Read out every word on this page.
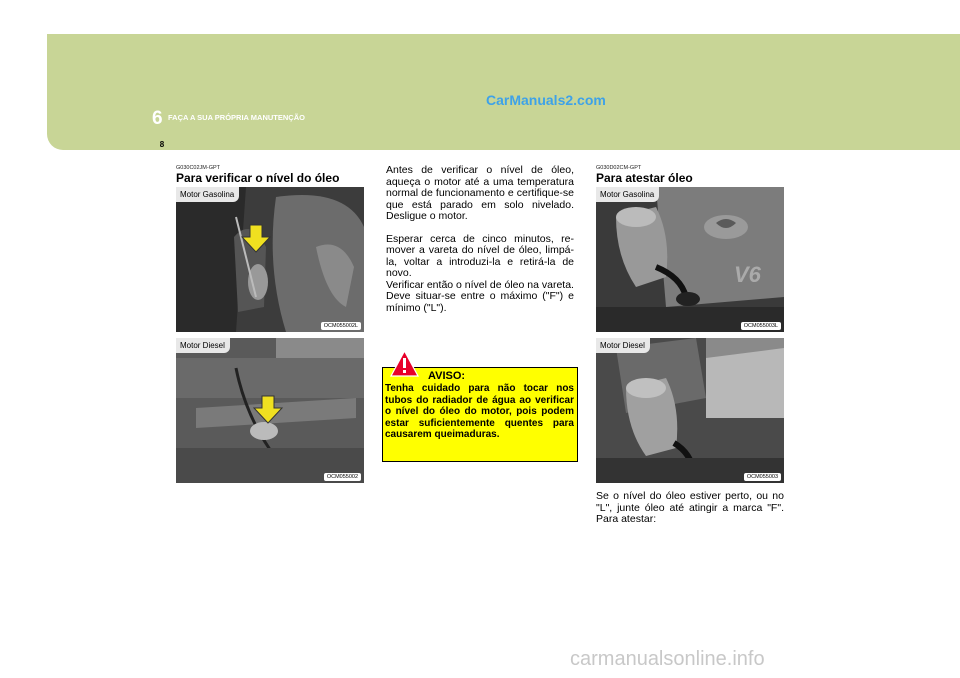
6 FAÇA A SUA PRÓPRIA MANUTENÇÃO
8
CarManuals2.com
G030C02JM-GPT
Para verificar o nível do óleo
Motor Gasolina
OCM055002L
Motor Diesel
OCM055002

Antes de verificar o nível de óleo, aqueça o motor até a uma temperatura normal de funcionamento e certifique-se que está parado em solo nivelado. Desligue o motor.

Esperar cerca de cinco minutos, re-mover a vareta do nível de óleo, limpá-la, voltar a introduzi-la e retirá-la de novo.
Verificar então o nível de óleo na vareta.
Deve situar-se entre o máximo ("F") e mínimo ("L").
AVISO:

Tenha cuidado para não tocar nos tubos do radiador de água ao verificar o nível do óleo do motor, pois podem estar suficientemente quentes para causarem queimaduras.

G030D02CM-GPT
Para atestar óleo
V6
Motor Gasolina
OCM055003L
Motor Diesel
OCM055003
Se o nível do óleo estiver perto, ou no "L", junte óleo até atingir a marca "F". Para atestar:
carmanualsonline.info
